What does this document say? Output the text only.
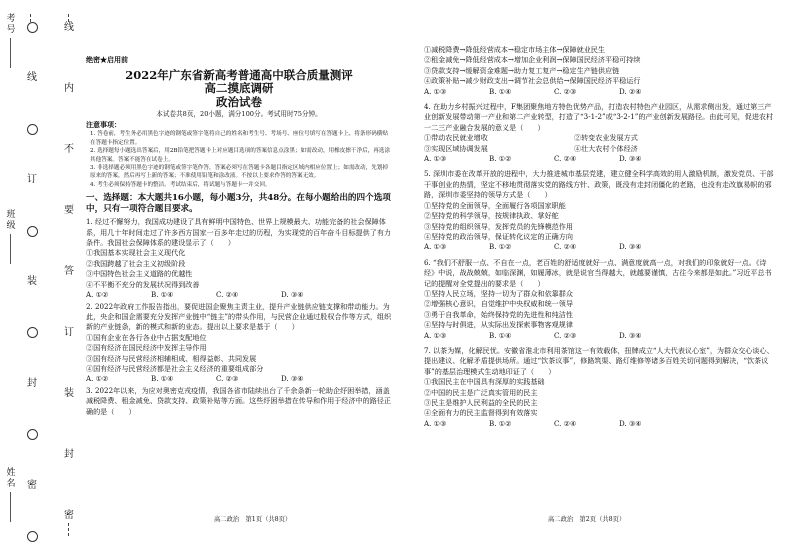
考号
班级
姓名
线
订
装
封
密
线
内
不
要
答
订
装
封
密
绝密★启用前
2022年广东省新高考普通高中联合质量测评
高二摸底调研
政治试卷
本试卷共8页，20小题，满分100分。考试用时75分钟。
注意事项：

1. 答卷前，考生务必用黑色字迹的钢笔或签字笔将自己的姓名和考生号、考场号、座位号填写在答题卡上，将条形码横贴在答题卡指定位置。

2. 选择题每小题选出答案后，用2B铅笔把答题卡上对应题目选项的答案信息点涂黑；如需改动，用橡皮擦干净后，再选涂其他答案。答案不能答在试卷上。

3. 非选择题必须用黑色字迹的钢笔或签字笔作答，答案必须写在答题卡各题目指定区域内相应位置上；如需改动，先划掉原来的答案，然后再写上新的答案；不准使用铅笔和涂改液。不按以上要求作答的答案无效。

4. 考生必须保持答题卡的整洁。考试结束后，将试题与答题卡一并交回。

一、选择题：本大题共16小题，每小题3分，共48分。在每小题给出的四个选项中，只有一项符合题目要求。

1. 经过不懈努力，我国成功建设了具有鲜明中国特色、世界上规模最大、功能完备的社会保障体系，用几十年时间走过了许多西方国家一百多年走过的历程，为实现党的百年奋斗目标提供了有力条件。我国社会保障体系的建设显示了（　　）

①我国基本实现社会主义现代化

②我国跨越了社会主义初级阶段

③中国特色社会主义道路的优越性

④不平衡不充分的发展状况得到改善

A. ①②	B. ①④	C. ②④	D. ③④

2. 2022年政府工作报告指出，要促进国企聚焦主责主业，提升产业链供应链支撑和带动能力。为此，央企和国企需要充分发挥产业链中“链主”的带头作用，与民营企业通过股权合作等方式，组织新的产业链条，新的模式和新的业态。提出以上要求是基于（　　）

①国有企业在各行各业中占据支配地位

②国有经济在国民经济中发挥主导作用

③国有经济与民营经济相辅相成、相得益彰、共同发展

④国有经济与民营经济都是社会主义经济的重要组成部分

A. ①②	B. ①④	C. ②③	D. ③④

3. 2022年以来，为应对奥密克戎疫情，我国各省市陆续出台了千余条新一轮助企纾困举措，涵盖减税降费、租金减免、贷款支持、政策补贴等方面。这些纾困举措在传导和作用于经济中的路径正确的是（　　）

①减税降费→降低经营成本→稳定市场主体→保障就业民生

②租金减免→降低经营成本→增加企业利润→保障国民经济平稳可持续

③贷款支持→缓解资金难题→助力复工复产→稳定生产链供应链

④政策补贴→减少财政支出→调节社会总供给→保障国民经济平稳运行

A. ①③	B. ①④	C. ②③	D. ②④

4. 在助力乡村振兴过程中，F集团聚焦地方特色优势产品，打造农村特色产业园区，从需求侧出发，通过第三产业创新发展带动第一产业和第二产业转型，打造了“3-1-2”或“3-2-1”的产业创新发展路径。由此可见，促进农村一二三产业融合发展的意义是（　　）

①带动农民就业增收	②转变农业发展方式
③实现区域协调发展	④壮大农村个体经济
A. ①③	B. ①②	C. ②④	D. ③④

5. 深圳市委在改革开放的进程中，大力推进城市基层党建，建立健全科学高效的用人激励机制，激发党员、干部干事创业的热情，坚定不移地贯彻落实党的路线方针、政策，既没有走封闭僵化的老路，也没有走改旗易帜的邪路，深圳市委坚持的领导方式是（　　）

①坚持党的全面领导，全面履行各项国家职能

②坚持党的科学领导，按规律执政、掌好舵

③坚持党的组织领导，发挥党员的先锋模范作用

④坚持党的政治领导，保证转化议定的正确方向

A. ①③	B. ①②	C. ②④	D. ③④

6. “我们不舒服一点、不自在一点，老百姓的舒适度就好一点、满意度就高一点，对我们的印象就好一点。《诗经》中说，战战兢兢，如临深渊，如履薄冰，就是说官当得越大，就越要谨慎，古往今来都是如此。”习近平总书记的提醒对全党提出的要求是（　　）

①坚持人民立场，坚持一切为了群众和依靠群众

②增强核心意识，自觉维护中央权威和统一领导

③勇于自我革命，始终保持党的先进性和纯洁性

④坚持与时俱进，从实际出发探索事物客观规律

A. ①③	B. ①④	C. ②③	D. ③④

7. 以茶为媒，化解民忧。安徽省淮北市利用茶馆这一有效载体，扭牌成立“人大代表议心室”，为群众交心谈心、提出建议、化解矛盾提供场所。通过“饮茶议事”，修路筑渠、路灯维修等诸多百姓关切问题得到解决，“饮茶议事”的基层治理模式生动地印证了（　　）

①我国民主在中国具有深厚的实践基础

②中国的民主是广泛真实管用的民主

③民主是维护人民利益的全民的民主

④全面有力的民主监督得到有效落实

A. ①③	B. ①②	C. ②④	D. ③④
高二政治　第1页（共8页）	高二政治　第2页（共8页）
